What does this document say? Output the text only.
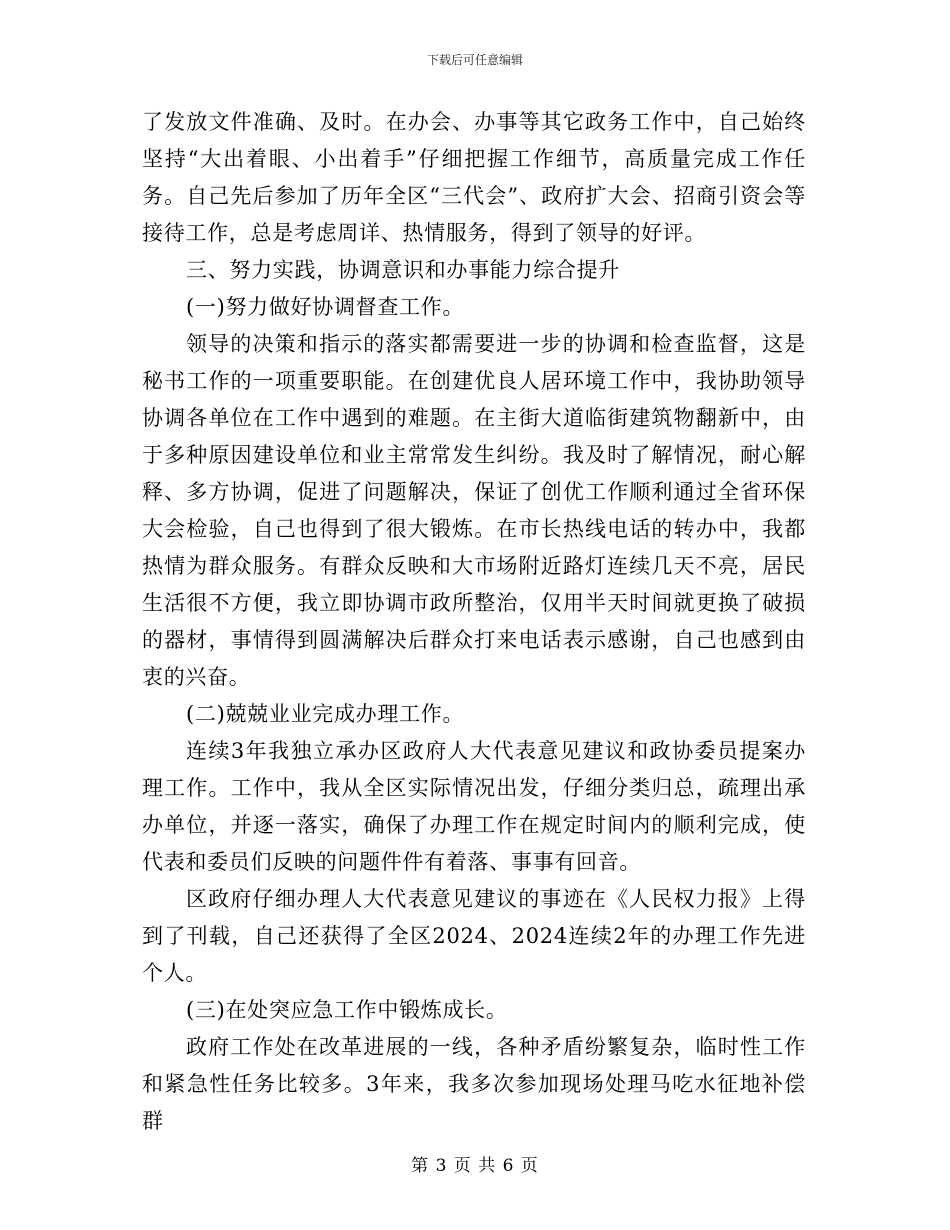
下载后可任意编辑

了发放文件准确、及时。在办会、办事等其它政务工作中，自己始终坚持“大出着眼、小出着手”仔细把握工作细节，高质量完成工作任务。自己先后参加了历年全区“三代会”、政府扩大会、招商引资会等接待工作，总是考虑周详、热情服务，得到了领导的好评。

三、努力实践，协调意识和办事能力综合提升

(一)努力做好协调督查工作。

领导的决策和指示的落实都需要进一步的协调和检查监督，这是秘书工作的一项重要职能。在创建优良人居环境工作中，我协助领导协调各单位在工作中遇到的难题。在主街大道临街建筑物翻新中，由于多种原因建设单位和业主常常发生纠纷。我及时了解情况，耐心解释、多方协调，促进了问题解决，保证了创优工作顺利通过全省环保大会检验，自己也得到了很大锻炼。在市长热线电话的转办中，我都热情为群众服务。有群众反映和大市场附近路灯连续几天不亮，居民生活很不方便，我立即协调市政所整治，仅用半天时间就更换了破损的器材，事情得到圆满解决后群众打来电话表示感谢，自己也感到由衷的兴奋。

(二)兢兢业业完成办理工作。

连续3年我独立承办区政府人大代表意见建议和政协委员提案办理工作。工作中，我从全区实际情况出发，仔细分类归总，疏理出承办单位，并逐一落实，确保了办理工作在规定时间内的顺利完成，使代表和委员们反映的问题件件有着落、事事有回音。

区政府仔细办理人大代表意见建议的事迹在《人民权力报》上得到了刊载，自己还获得了全区2024、2024连续2年的办理工作先进个人。

(三)在处突应急工作中锻炼成长。

政府工作处在改革进展的一线，各种矛盾纷繁复杂，临时性工作和紧急性任务比较多。3年来，我多次参加现场处理马吃水征地补偿群

第 3 页 共 6 页
